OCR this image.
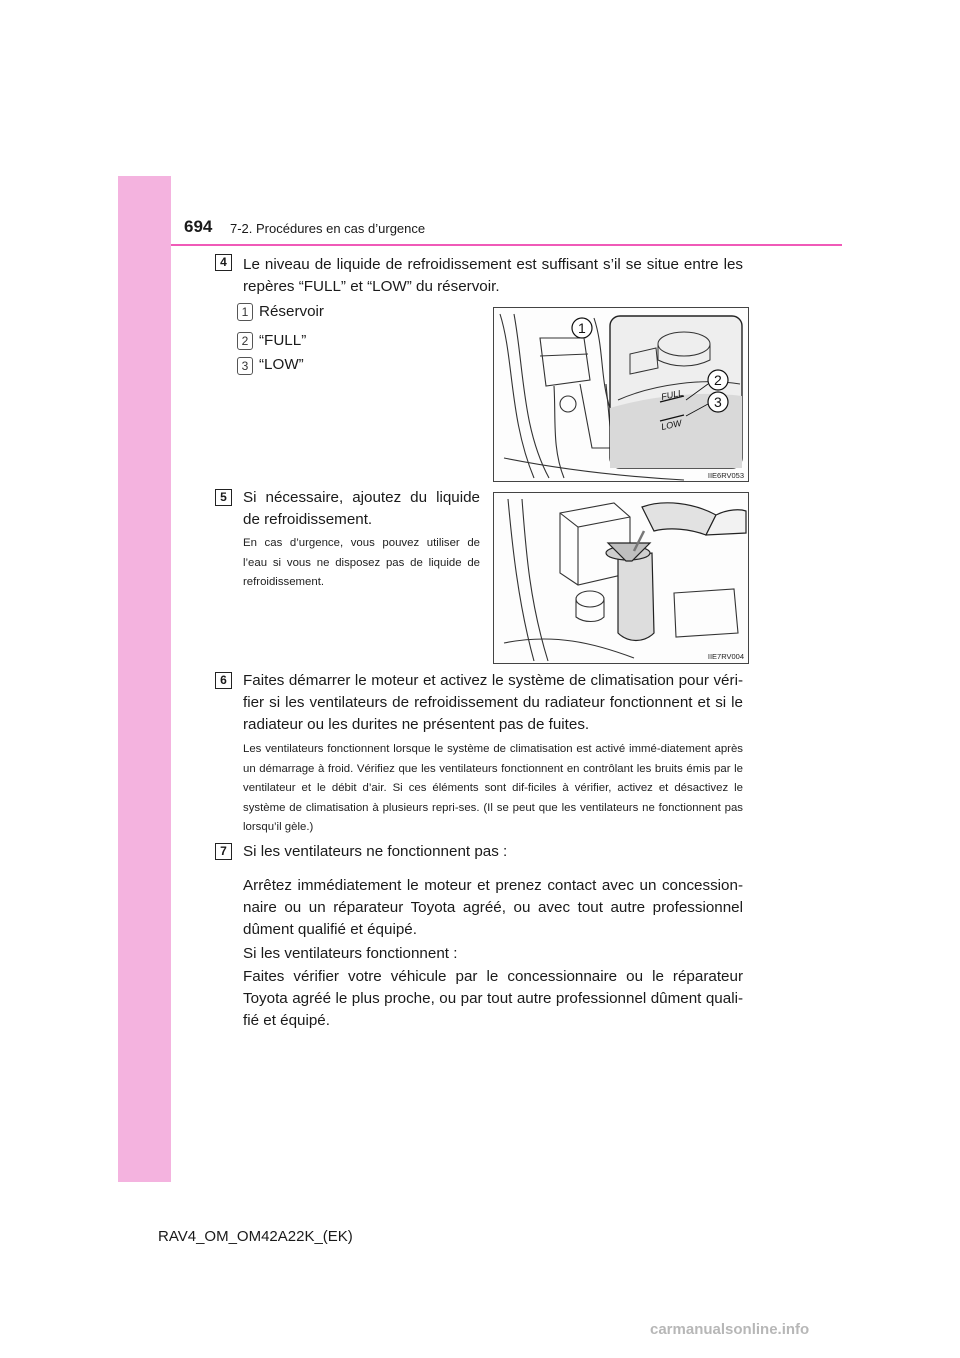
694 7-2. Procédures en cas d’urgence
4	Le niveau de liquide de refroidissement est suffisant s’il se situe entre les repères “FULL” et “LOW” du réservoir.
1 Réservoir
2 “FULL”
3 “LOW”
FULL
LOW
1
2
3
IIE6RV053
5	Si nécessaire, ajoutez du liquide de refroidissement.
En cas d’urgence, vous pouvez utiliser de l’eau si vous ne disposez pas de liquide de refroidissement.
IIE7RV004
6	Faites démarrer le moteur et activez le système de climatisation pour véri-fier si les ventilateurs de refroidissement du radiateur fonctionnent et si le radiateur ou les durites ne présentent pas de fuites.
Les ventilateurs fonctionnent lorsque le système de climatisation est activé immé-diatement après un démarrage à froid. Vérifiez que les ventilateurs fonctionnent en contrôlant les bruits émis par le ventilateur et le débit d’air. Si ces éléments sont dif-ficiles à vérifier, activez et désactivez le système de climatisation à plusieurs repri-ses. (Il se peut que les ventilateurs ne fonctionnent pas lorsqu’il gèle.)
7	Si les ventilateurs ne fonctionnent pas :
Arrêtez immédiatement le moteur et prenez contact avec un concession-naire ou un réparateur Toyota agréé, ou avec tout autre professionnel dûment qualifié et équipé.
Si les ventilateurs fonctionnent :
Faites vérifier votre véhicule par le concessionnaire ou le réparateur Toyota agréé le plus proche, ou par tout autre professionnel dûment quali-fié et équipé.
RAV4_OM_OM42A22K_(EK)
carmanualsonline.info
